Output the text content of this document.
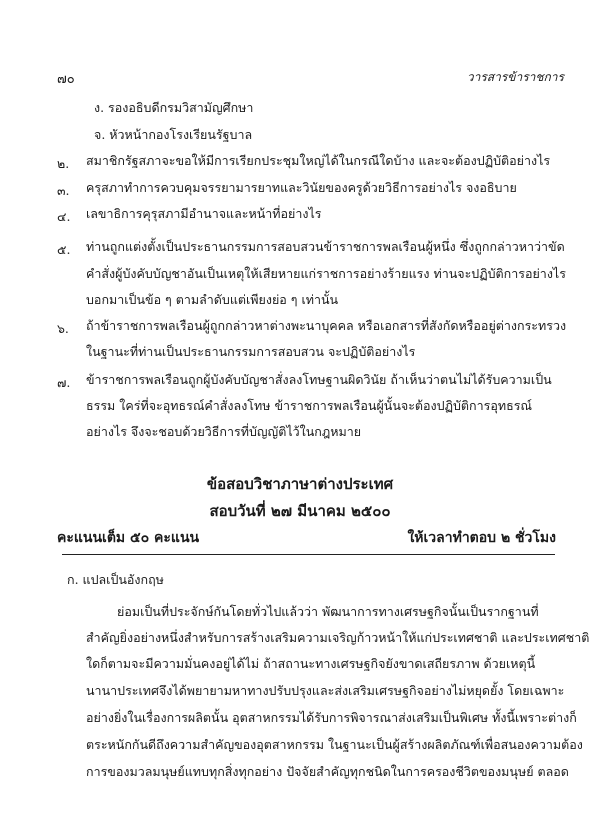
๗๐	วารสารข้าราชการ
ง. รองอธิบดีกรมวิสามัญศึกษา
จ. หัวหน้ากองโรงเรียนรัฐบาล
๒. สมาชิกรัฐสภาจะขอให้มีการเรียกประชุมใหญ่ได้ในกรณีใดบ้าง และจะต้องปฏิบัติอย่างไร
๓. ครุสภาทำการควบคุมจรรยามารยาทและวินัยของครูด้วยวิธีการอย่างไร จงอธิบาย
๔. เลขาธิการคุรุสภามีอำนาจและหน้าที่อย่างไร
๕. ท่านถูกแต่งตั้งเป็นประธานกรรมการสอบสวนข้าราชการพลเรือนผู้หนึ่ง ซึ่งถูกกล่าวหาว่าขัด
คำสั่งผู้บังคับบัญชาอันเป็นเหตุให้เสียหายแก่ราชการอย่างร้ายแรง ท่านจะปฏิบัติการอย่างไร
บอกมาเป็นข้อ ๆ ตามลำดับแต่เพียงย่อ ๆ เท่านั้น
๖. ถ้าข้าราชการพลเรือนผู้ถูกกล่าวหาต่างพะนาบุคคล หรือเอกสารที่สังกัดหรืออยู่ต่างกระทรวง
ในฐานะที่ท่านเป็นประธานกรรมการสอบสวน จะปฏิบัติอย่างไร
๗. ข้าราชการพลเรือนถูกผู้บังคับบัญชาสั่งลงโทษฐานผิดวินัย ถ้าเห็นว่าตนไม่ได้รับความเป็น
ธรรม ใคร่ที่จะอุทธรณ์คำสั่งลงโทษ ข้าราชการพลเรือนผู้นั้นจะต้องปฏิบัติการอุทธรณ์
อย่างไร จึงจะชอบด้วยวิธีการที่บัญญัติไว้ในกฎหมาย
ข้อสอบวิชาภาษาต่างประเทศ
สอบวันที่ ๒๗ มีนาคม ๒๕๐๐
คะแนนเต็ม ๕๐ คะแนน	ให้เวลาทำตอบ ๒ ชั่วโมง
ก. แปลเป็นอังกฤษ
ย่อมเป็นที่ประจักษ์กันโดยทั่วไปแล้วว่า พัฒนาการทางเศรษฐกิจนั้นเป็นรากฐานที่
สำคัญยิ่งอย่างหนึ่งสำหรับการสร้างเสริมความเจริญก้าวหน้าให้แก่ประเทศชาติ และประเทศชาติ
ใดก็ตามจะมีความมั่นคงอยู่ได้ไม่ ถ้าสถานะทางเศรษฐกิจยังขาดเสถียรภาพ ด้วยเหตุนี้
นานาประเทศจึงได้พยายามหาทางปรับปรุงและส่งเสริมเศรษฐกิจอย่างไม่หยุดยั้ง โดยเฉพาะ
อย่างยิ่งในเรื่องการผลิตนั้น อุตสาหกรรมได้รับการพิจารณาส่งเสริมเป็นพิเศษ ทั้งนี้เพราะต่างก็
ตระหนักกันดีถึงความสำคัญของอุตสาหกรรม ในฐานะเป็นผู้สร้างผลิตภัณฑ์เพื่อสนองความต้อง
การของมวลมนุษย์แทบทุกสิ่งทุกอย่าง ปัจจัยสำคัญทุกชนิดในการครองชีวิตของมนุษย์ ตลอด
